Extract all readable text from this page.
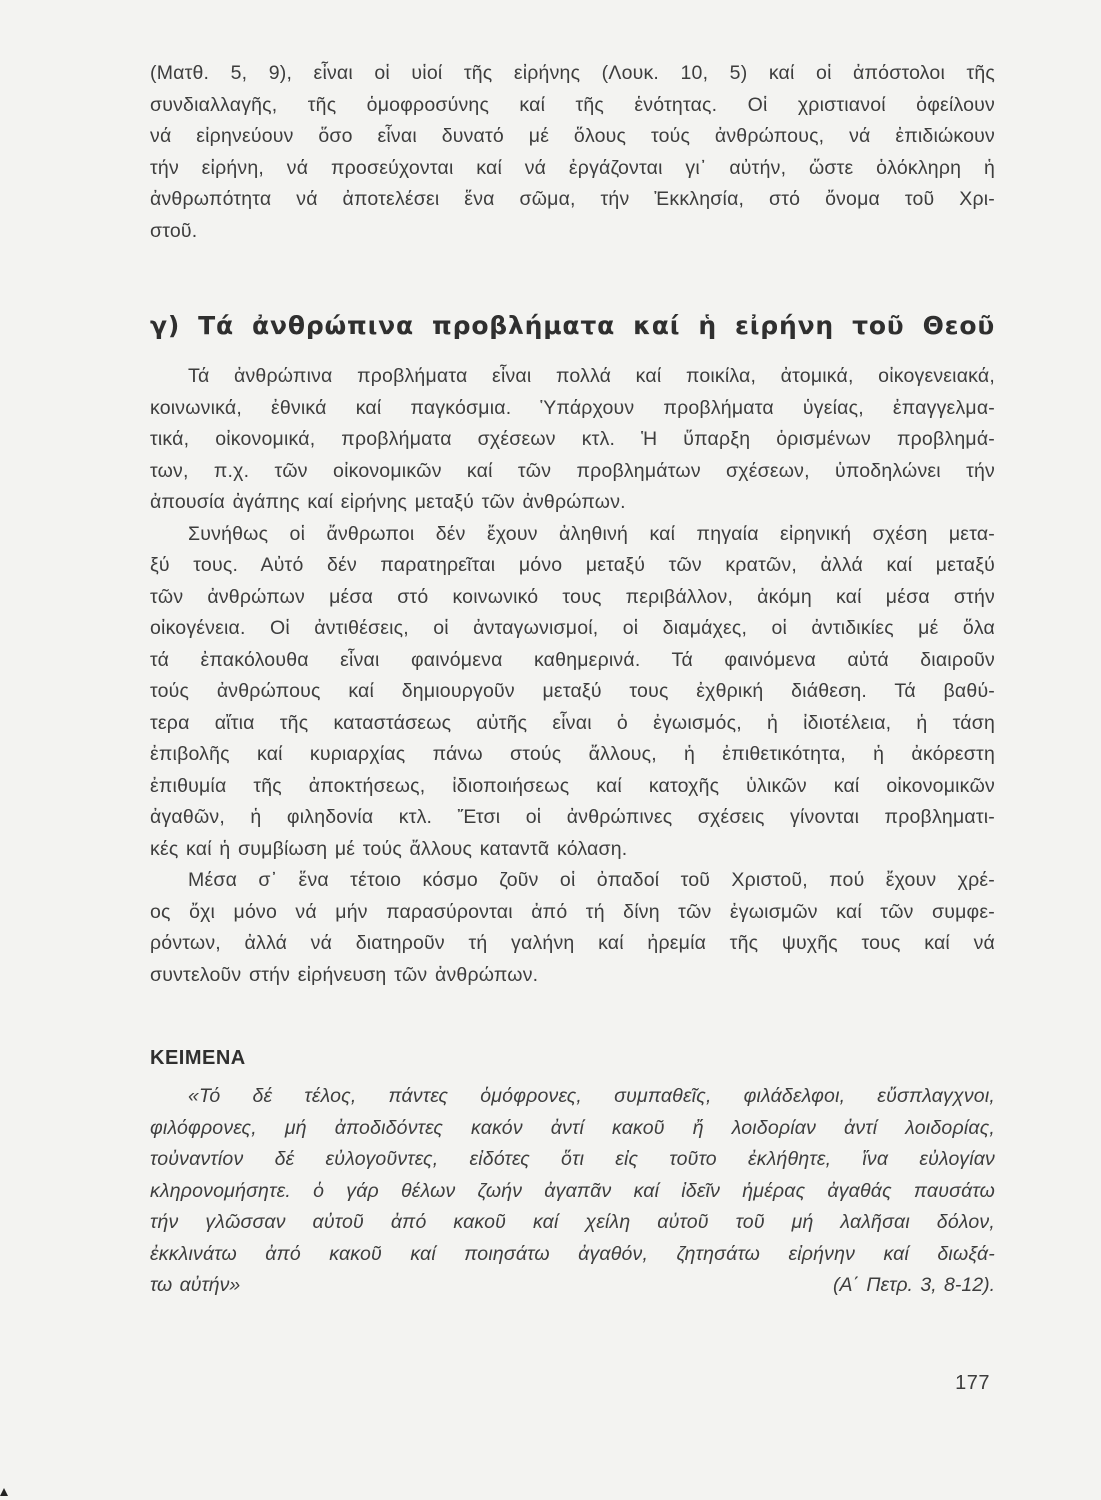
(Ματθ. 5, 9), εἶναι οἱ υἱοί τῆς εἰρήνης (Λουκ. 10, 5) καί οἱ ἀπόστολοι τῆς
συνδιαλλαγῆς, τῆς ὁμοφροσύνης καί τῆς ἑνότητας. Οἱ χριστιανοί ὀφείλουν
νά εἰρηνεύουν ὅσο εἶναι δυνατό μέ ὅλους τούς ἀνθρώπους, νά ἐπιδιώκουν
τήν εἰρήνη, νά προσεύχονται καί νά ἐργάζονται γι᾿ αὐτήν, ὥστε ὁλόκληρη ἡ
ἀνθρωπότητα νά ἀποτελέσει ἕνα σῶμα, τήν Ἐκκλησία, στό ὄνομα τοῦ Χρι-
στοῦ.
γ) Τά ἀνθρώπινα προβλήματα καί ἡ εἰρήνη τοῦ Θεοῦ
Τά ἀνθρώπινα προβλήματα εἶναι πολλά καί ποικίλα, ἀτομικά, οἰκογενειακά,
κοινωνικά, ἐθνικά καί παγκόσμια. Ὑπάρχουν προβλήματα ὑγείας, ἐπαγγελμα-
τικά, οἰκονομικά, προβλήματα σχέσεων κτλ. Ἡ ὕπαρξη ὁρισμένων προβλημά-
των, π.χ. τῶν οἰκονομικῶν καί τῶν προβλημάτων σχέσεων, ὑποδηλώνει τήν
ἀπουσία ἀγάπης καί εἰρήνης μεταξύ τῶν ἀνθρώπων.
Συνήθως οἱ ἄνθρωποι δέν ἔχουν ἀληθινή καί πηγαία εἰρηνική σχέση μετα-
ξύ τους. Αὐτό δέν παρατηρεῖται μόνο μεταξύ τῶν κρατῶν, ἀλλά καί μεταξύ
τῶν ἀνθρώπων μέσα στό κοινωνικό τους περιβάλλον, ἀκόμη καί μέσα στήν
οἰκογένεια. Οἱ ἀντιθέσεις, οἱ ἀνταγωνισμοί, οἱ διαμάχες, οἱ ἀντιδικίες μέ ὅλα
τά ἐπακόλουθα εἶναι φαινόμενα καθημερινά. Τά φαινόμενα αὐτά διαιροῦν
τούς ἀνθρώπους καί δημιουργοῦν μεταξύ τους ἐχθρική διάθεση. Τά βαθύ-
τερα αἴτια τῆς καταστάσεως αὐτῆς εἶναι ὁ ἐγωισμός, ἡ ἰδιοτέλεια, ἡ τάση
ἐπιβολῆς καί κυριαρχίας πάνω στούς ἄλλους, ἡ ἐπιθετικότητα, ἡ ἀκόρεστη
ἐπιθυμία τῆς ἀποκτήσεως, ἰδιοποιήσεως καί κατοχῆς ὑλικῶν καί οἰκονομικῶν
ἀγαθῶν, ἡ φιληδονία κτλ. Ἔτσι οἱ ἀνθρώπινες σχέσεις γίνονται προβληματι-
κές καί ἡ συμβίωση μέ τούς ἄλλους καταντᾶ κόλαση.
Μέσα σ᾿ ἕνα τέτοιο κόσμο ζοῦν οἱ ὀπαδοί τοῦ Χριστοῦ, πού ἔχουν χρέ-
ος ὄχι μόνο νά μήν παρασύρονται ἀπό τή δίνη τῶν ἐγωισμῶν καί τῶν συμφε-
ρόντων, ἀλλά νά διατηροῦν τή γαλήνη καί ἠρεμία τῆς ψυχῆς τους καί νά
συντελοῦν στήν εἰρήνευση τῶν ἀνθρώπων.
ΚΕΙΜΕΝΑ
«Τό δέ τέλος, πάντες ὁμόφρονες, συμπαθεῖς, φιλάδελφοι, εὔσπλαγχνοι,
φιλόφρονες, μή ἀποδιδόντες κακόν ἀντί κακοῦ ἤ λοιδορίαν ἀντί λοιδορίας,
τοὐναντίον δέ εὐλογοῦντες, εἰδότες ὅτι εἰς τοῦτο ἐκλήθητε, ἵνα εὐλογίαν
κληρονομήσητε. ὁ γάρ θέλων ζωήν ἀγαπᾶν καί ἰδεῖν ἡμέρας ἀγαθάς παυσάτω
τήν γλῶσσαν αὐτοῦ ἀπό κακοῦ καί χείλη αὐτοῦ τοῦ μή λαλῆσαι δόλον,
ἐκκλινάτω ἀπό κακοῦ καί ποιησάτω ἀγαθόν, ζητησάτω εἰρήνην καί διωξά-
τω αὐτήν»	(Α΄ Πετρ. 3, 8-12).
177
